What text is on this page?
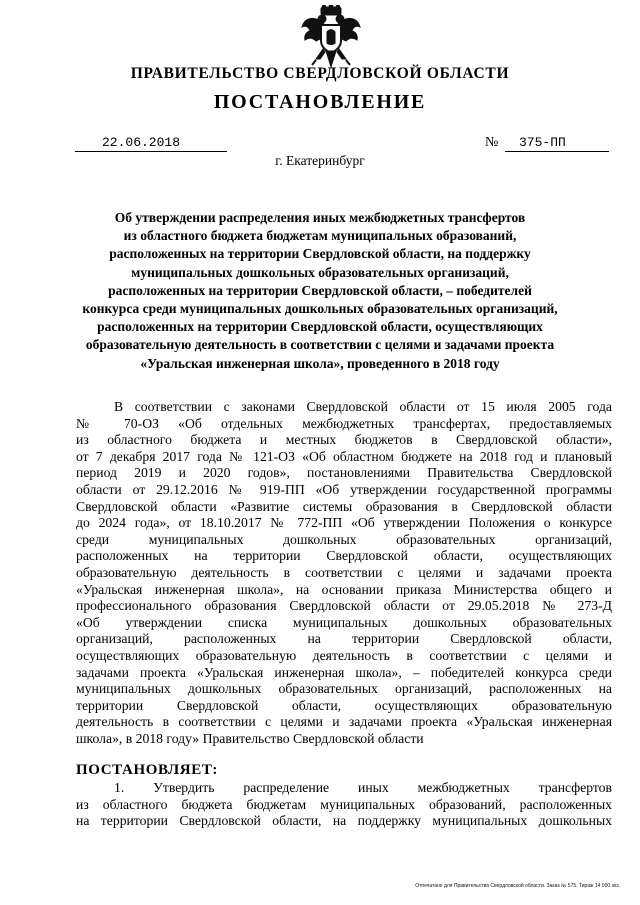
ПРАВИТЕЛЬСТВО СВЕРДЛОВСКОЙ ОБЛАСТИ
ПОСТАНОВЛЕНИЕ
22.06.2018	№ 375-ПП
г. Екатеринбург
Об утверждении распределения иных межбюджетных трансфертов
из областного бюджета бюджетам муниципальных образований,
расположенных на территории Свердловской области, на поддержку
муниципальных дошкольных образовательных организаций,
расположенных на территории Свердловской области, – победителей
конкурса среди муниципальных дошкольных образовательных организаций,
расположенных на территории Свердловской области, осуществляющих
образовательную деятельность в соответствии с целями и задачами проекта
«Уральская инженерная школа», проведенного в 2018 году
В соответствии с законами Свердловской области от 15 июля 2005 года
№ 70-ОЗ «Об отдельных межбюджетных трансфертах, предоставляемых
из областного бюджета и местных бюджетов в Свердловской области»,
от 7 декабря 2017 года № 121-ОЗ «Об областном бюджете на 2018 год и плановый
период 2019 и 2020 годов», постановлениями Правительства Свердловской
области от 29.12.2016 № 919-ПП «Об утверждении государственной программы
Свердловской области «Развитие системы образования в Свердловской области
до 2024 года», от 18.10.2017 № 772-ПП «Об утверждении Положения о конкурсе
среди муниципальных дошкольных образовательных организаций,
расположенных на территории Свердловской области, осуществляющих
образовательную деятельность в соответствии с целями и задачами проекта
«Уральская инженерная школа», на основании приказа Министерства общего и
профессионального образования Свердловской области от 29.05.2018 № 273-Д
«Об утверждении списка муниципальных дошкольных образовательных
организаций, расположенных на территории Свердловской области,
осуществляющих образовательную деятельность в соответствии с целями и
задачами проекта «Уральская инженерная школа», – победителей конкурса среди
муниципальных дошкольных образовательных организаций, расположенных на
территории Свердловской области, осуществляющих образовательную
деятельность в соответствии с целями и задачами проекта «Уральская инженерная
школа», в 2018 году» Правительство Свердловской области
ПОСТАНОВЛЯЕТ:
1. Утвердить распределение иных межбюджетных трансфертов
из областного бюджета бюджетам муниципальных образований, расположенных
на территории Свердловской области, на поддержку муниципальных дошкольных
Отпечатано для Правительства Свердловской области. Заказ № 575. Тираж 14 000 экз.
